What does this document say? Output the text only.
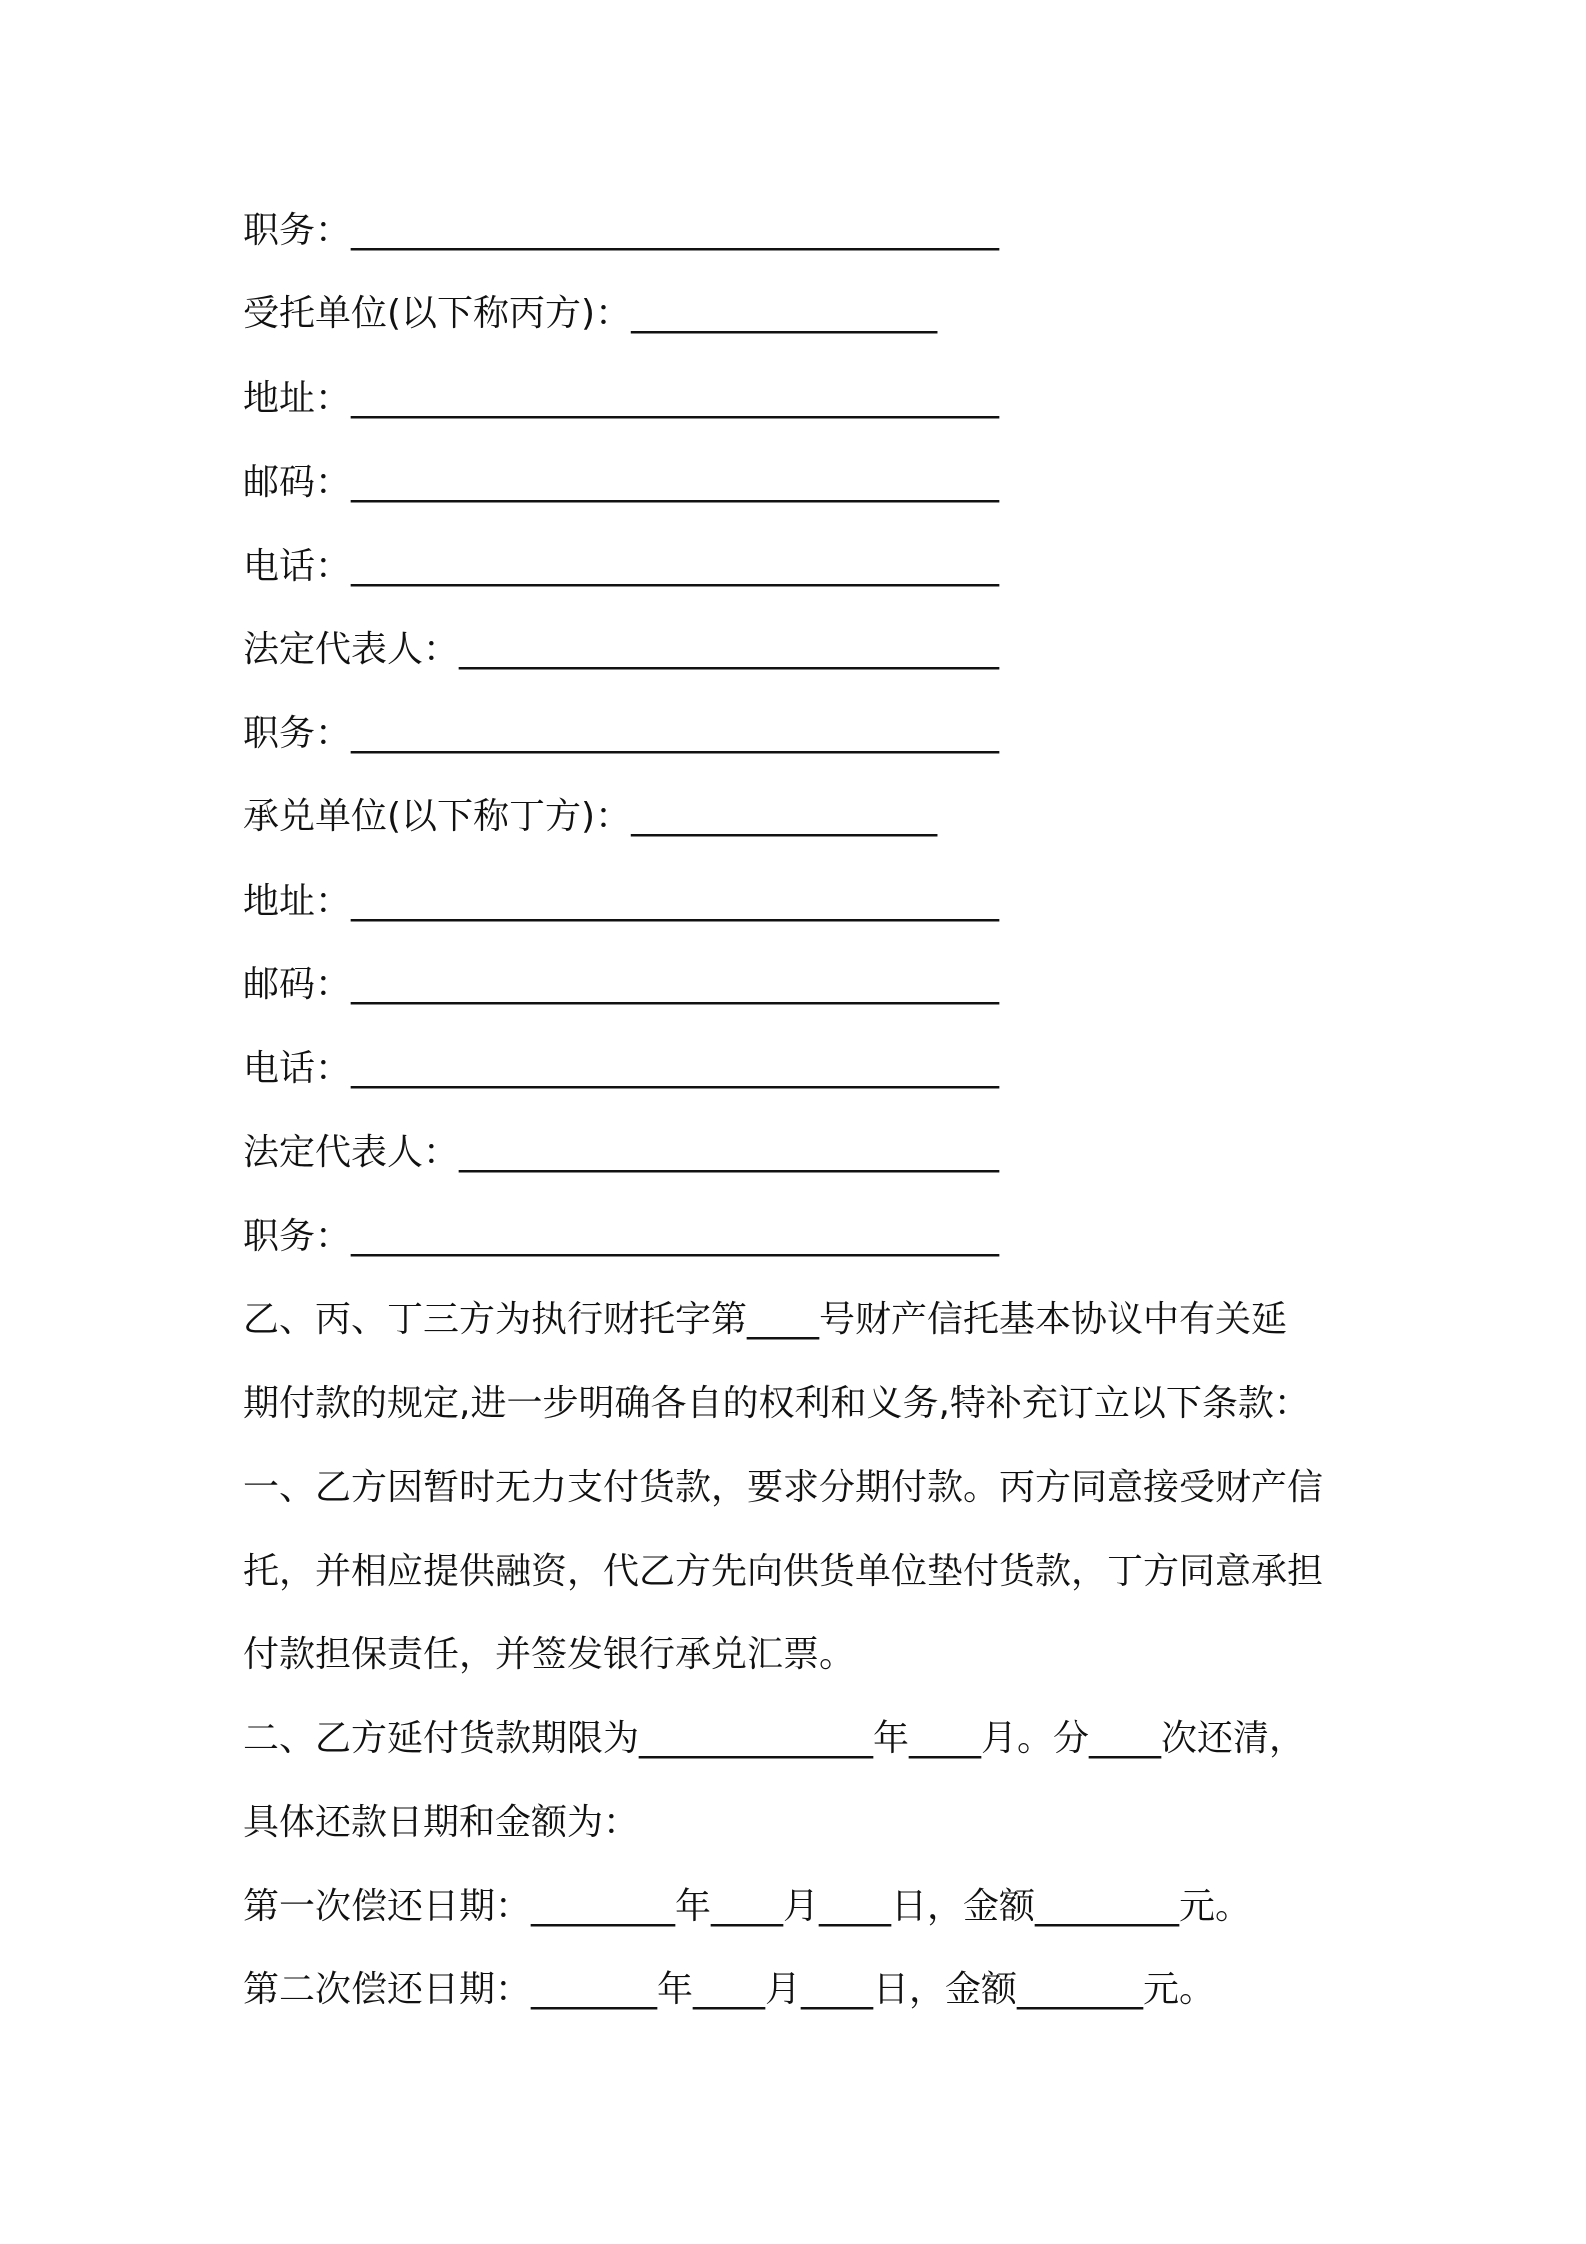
职务：____________________________________
受托单位(以下称丙方)：_________________
地址：____________________________________
邮码：____________________________________
电话：____________________________________
法定代表人：______________________________
职务：____________________________________
承兑单位(以下称丁方)：_________________
地址：____________________________________
邮码：____________________________________
电话：____________________________________
法定代表人：______________________________
职务：____________________________________
乙、丙、丁三方为执行财托字第____号财产信托基本协议中有关延
期付款的规定,进一步明确各自的权利和义务,特补充订立以下条款：
一、乙方因暂时无力支付货款，要求分期付款。丙方同意接受财产信
托，并相应提供融资，代乙方先向供货单位垫付货款，丁方同意承担
付款担保责任，并签发银行承兑汇票。
二、乙方延付货款期限为_____________年____月。分____次还清，
具体还款日期和金额为：
第一次偿还日期：________年____月____日，金额________元。
第二次偿还日期：_______年____月____日，金额_______元。
